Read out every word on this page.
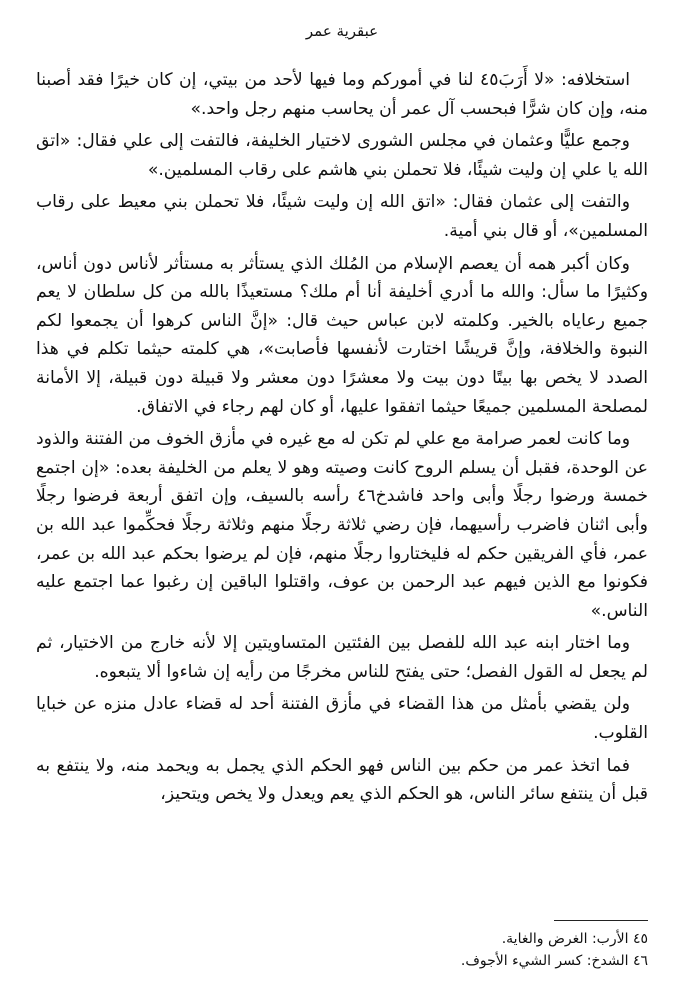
عبقرية عمر

استخلافه: «لا أَرَبَ٤٥ لنا في أموركم وما فيها لأحد من بيتي، إن كان خيرًا فقد أصبنا منه، وإن كان شرًّا فبحسب آل عمر أن يحاسب منهم رجل واحد.»

وجمع عليًّا وعثمان في مجلس الشورى لاختيار الخليفة، فالتفت إلى علي فقال: «اتق الله يا علي إن وليت شيئًا، فلا تحملن بني هاشم على رقاب المسلمين.»

والتفت إلى عثمان فقال: «اتق الله إن وليت شيئًا، فلا تحملن بني معيط على رقاب المسلمين»، أو قال بني أمية.

وكان أكبر همه أن يعصم الإسلام من المُلك الذي يستأثر به مستأثر لأناس دون أناس، وكثيرًا ما سأل: والله ما أدري أخليفة أنا أم ملك؟ مستعيذًا بالله من كل سلطان لا يعم جميع رعاياه بالخير. وكلمته لابن عباس حيث قال: «إنَّ الناس كرهوا أن يجمعوا لكم النبوة والخلافة، وإنَّ قريشًا اختارت لأنفسها فأصابت»، هي كلمته حيثما تكلم في هذا الصدد لا يخص بها بيتًا دون بيت ولا معشرًا دون معشر ولا قبيلة دون قبيلة، إلا الأمانة لمصلحة المسلمين جميعًا حيثما اتفقوا عليها، أو كان لهم رجاء في الاتفاق.

وما كانت لعمر صرامة مع علي لم تكن له مع غيره في مأزق الخوف من الفتنة والذود عن الوحدة، فقبل أن يسلم الروح كانت وصيته وهو لا يعلم من الخليفة بعده: «إن اجتمع خمسة ورضوا رجلًا وأبى واحد فاشدخ٤٦ رأسه بالسيف، وإن اتفق أربعة فرضوا رجلًا وأبى اثنان فاضرب رأسيهما، فإن رضي ثلاثة رجلًا منهم وثلاثة رجلًا فحكِّموا عبد الله بن عمر، فأي الفريقين حكم له فليختاروا رجلًا منهم، فإن لم يرضوا بحكم عبد الله بن عمر، فكونوا مع الذين فيهم عبد الرحمن بن عوف، واقتلوا الباقين إن رغبوا عما اجتمع عليه الناس.»

وما اختار ابنه عبد الله للفصل بين الفئتين المتساويتين إلا لأنه خارج من الاختيار، ثم لم يجعل له القول الفصل؛ حتى يفتح للناس مخرجًا من رأيه إن شاءوا ألا يتبعوه.

ولن يقضي بأمثل من هذا القضاء في مأزق الفتنة أحد له قضاء عادل منزه عن خبايا القلوب.

فما اتخذ عمر من حكم بين الناس فهو الحكم الذي يجمل به ويحمد منه، ولا ينتفع به قبل أن ينتفع سائر الناس، هو الحكم الذي يعم ويعدل ولا يخص ويتحيز،

٤٥ الأرب: الغرض والغاية.
٤٦ الشدخ: كسر الشيء الأجوف.
